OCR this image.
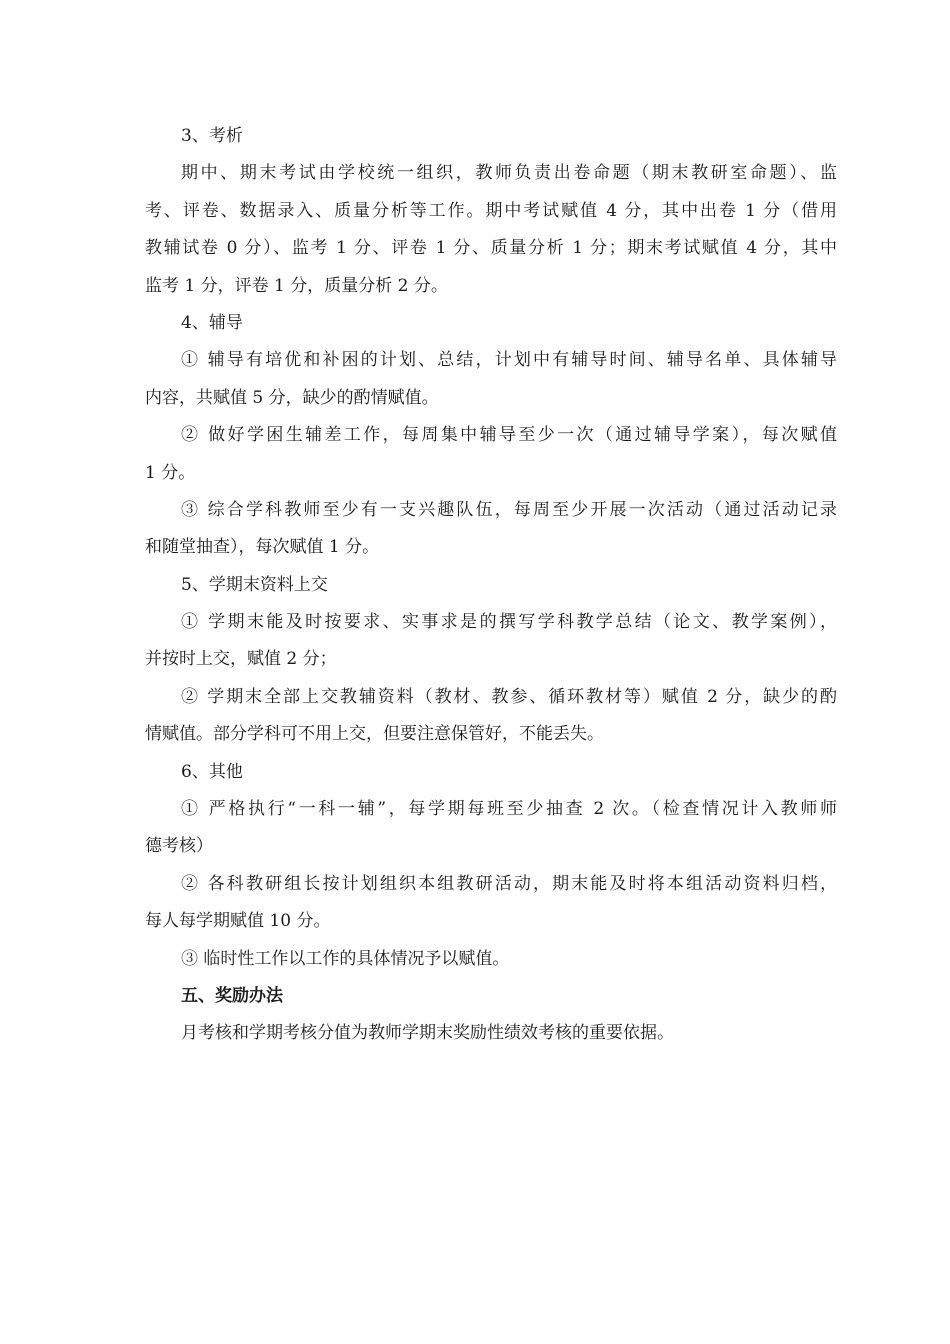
3、考析

期中、期末考试由学校统一组织，教师负责出卷命题（期末教研室命题）、监

考、评卷、数据录入、质量分析等工作。期中考试赋值 4 分，其中出卷 1 分（借用

教辅试卷 0 分）、监考 1 分、评卷 1 分、质量分析 1 分；期末考试赋值 4 分，其中

监考 1 分，评卷 1 分，质量分析 2 分。

4、辅导

① 辅导有培优和补困的计划、总结，计划中有辅导时间、辅导名单、具体辅导

内容，共赋值 5 分，缺少的酌情赋值。

② 做好学困生辅差工作，每周集中辅导至少一次（通过辅导学案），每次赋值

1 分。

③ 综合学科教师至少有一支兴趣队伍，每周至少开展一次活动（通过活动记录

和随堂抽查），每次赋值 1 分。

5、学期末资料上交

① 学期末能及时按要求、实事求是的撰写学科教学总结（论文、教学案例），

并按时上交，赋值 2 分；

② 学期末全部上交教辅资料（教材、教参、循环教材等）赋值 2 分，缺少的酌

情赋值。部分学科可不用上交，但要注意保管好，不能丢失。

6、其他

① 严格执行“一科一辅”，每学期每班至少抽查 2 次。（检查情况计入教师师

德考核）

② 各科教研组长按计划组织本组教研活动，期末能及时将本组活动资料归档，

每人每学期赋值 10 分。

③ 临时性工作以工作的具体情况予以赋值。

五、奖励办法

月考核和学期考核分值为教师学期末奖励性绩效考核的重要依据。
